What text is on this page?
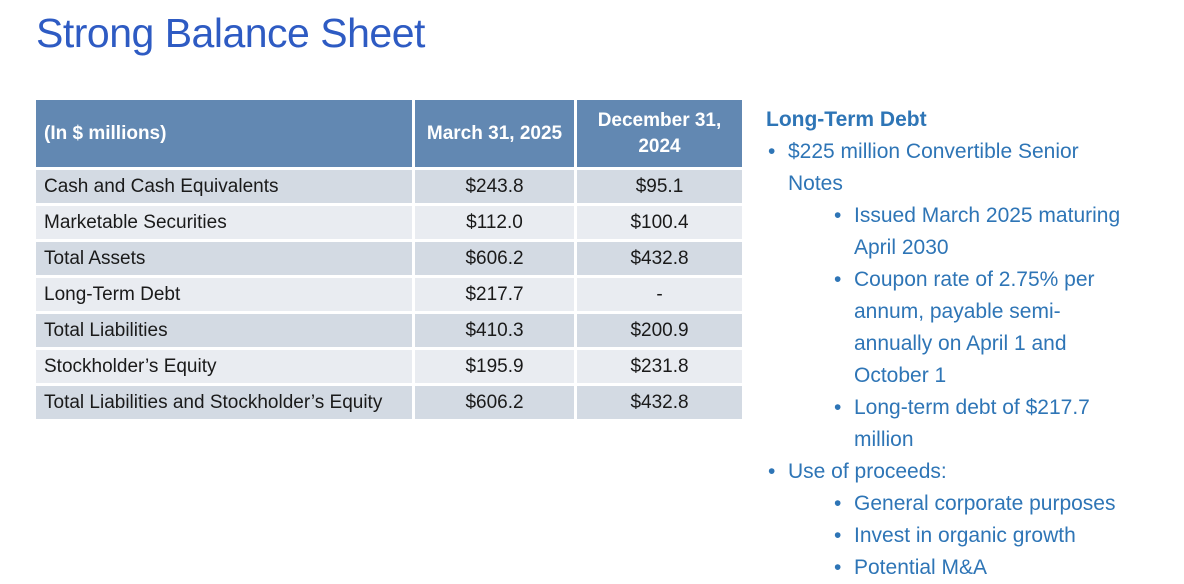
Strong Balance Sheet
(In $ millions)	March 31, 2025	December 31, 2024
Cash and Cash Equivalents	$243.8	$95.1
Marketable Securities	$112.0	$100.4
Total Assets	$606.2	$432.8
Long-Term Debt	$217.7	-
Total Liabilities	$410.3	$200.9
Stockholder’s Equity	$195.9	$231.8
Total Liabilities and Stockholder’s Equity	$606.2	$432.8
Long-Term Debt
• $225 million Convertible Senior Notes
• Issued March 2025 maturing April 2030
• Coupon rate of 2.75% per annum, payable semi-annually on April 1 and October 1
• Long-term debt of $217.7 million
• Use of proceeds:
• General corporate purposes
• Invest in organic growth
• Potential M&A
